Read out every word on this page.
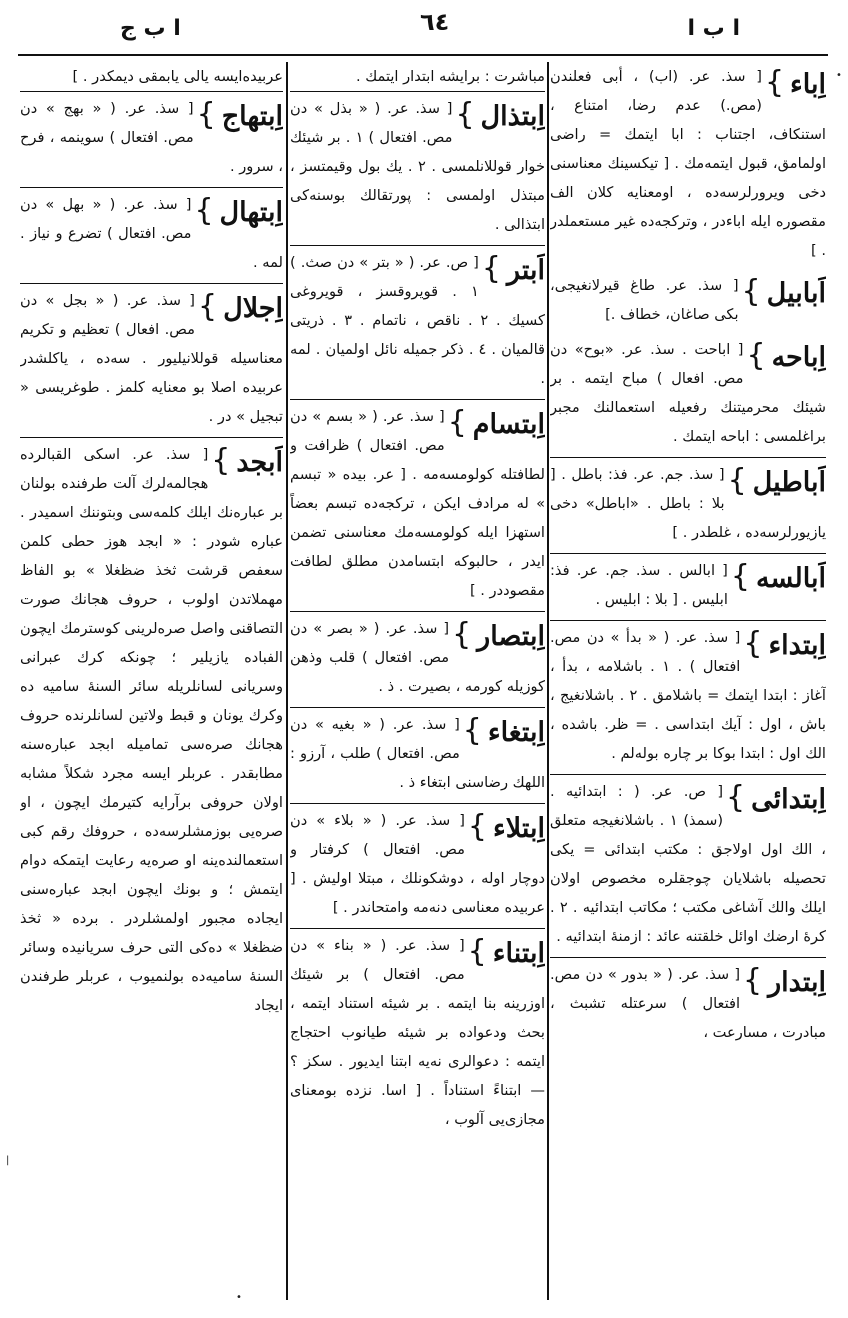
ا ب ج	٦٤	ا ب ا
اِباء
}
[ سذ. عر. (اب) ، أبى فعلندن (مص.) عدم رضا، امتناع ، استنكاف، اجتناب : ابا ايتمك = راضى اولمامق، قبول ايتمه‌مك . [ تيكسينك معناسنى دخى ويرورلرسه‌ده ، اومعنايه كلان الف مقصوره ايله اباءدر ، وتركجه‌ده غير مستعملدر . ]
اَبابيل
}
[ سذ. عر. طاغ قيرلانغيجى، بكى صاغان، خطاف .]
اِباحه
}
[ اباحت . سذ. عر. «بوح» دن مص. افعال ) مباح ايتمه . بر شيئك محرميتنك رفعيله استعمالنك مجبر براغلمسى : اباحه ايتمك .
اَباطيل
}
[ سذ. جم. عر. فذ: باطل . [ بلا : باطل . «اباطل» دخى يازيورلرسه‌ده ، غلطدر . ]
اَبالسه
}
[ ابالس . سذ. جم. عر. فذ: ابليس . [ بلا : ابليس .
اِبتداء
}
[ سذ. عر. ( « بدأ » دن مص. افتعال ) . ١ . باشلامه ، بدأ ، آغاز : ابتدا ايتمك = باشلامق . ٢ . باشلانغيج ، باش ، اول : آيك ابتداسى . = ظر. باشده ، الك اول : ابتدا بوكا بر چاره بوله‌لم .
اِبتدائى
}
[ ص. عر. ( : ابتدائيه . (سمذ) ١ . باشلانغيجه متعلق ، الك اول اولاجق : مكتب ابتدائى = يكى تحصيله باشلايان چوجقلره مخصوص اولان ايلك والك آشاغى مكتب ؛ مكاتب ابتدائيه . ٢ . كرهٔ ارضك اوائل خلقتنه عائد : ازمنهٔ ابتدائيه .
اِبتدار
}
[ سذ. عر. ( « بدور » دن مص. افتعال ) سرعتله تشبث ، مبادرت ، مسارعت ،
مباشرت : برايشه ابتدار ايتمك .
اِبتذال
}
[ سذ. عر. ( « بذل » دن مص. افتعال ) ١ . بر شيئك خوار قوللانلمسى . ٢ . يك بول وقيمتسز ، مبتذل اولمسى : پورتقالك بوسنه‌كى ابتذالى .
اَبتر
}
[ ص. عر. ( « بتر » دن صث. ) ١ . قويروقسز ، قويروغى كسيك . ٢ . ناقص ، ناتمام . ٣ . ذريتى قالميان . ٤ . ذكر جميله نائل اولميان . لمه .
اِبتسام
}
[ سذ. عر. ( « بسم » دن مص. افتعال ) ظرافت و لطافتله كولومسه‌مه . [ عر. بيده « تبسم » له مرادف ايكن ، تركجه‌ده تبسم بعضاً استهزا ايله كولومسه‌مك معناسنى تضمن ايدر ، حالبوكه ابتسامدن مطلق لطافت مقصوددر . ]
اِبتصار
}
[ سذ. عر. ( « بصر » دن مص. افتعال ) قلب وذهن كوزيله كورمه ، بصيرت . ذ .
اِبتغاء
}
[ سذ. عر. ( « بغيه » دن مص. افتعال ) طلب ، آرزو : اللهك رضاسنى ابتغاء ذ .
اِبتلاء
}
[ سذ. عر. ( « بلاء » دن مص. افتعال ) كرفتار و دوچار اوله ، دوشكونلك ، مبتلا اوليش . [ عربيده معناسى دنه‌مه وامتحاندر . ]
اِبتناء
}
[ سذ. عر. ( « بناء » دن مص. افتعال ) بر شيئك اوزرينه بنا ايتمه . بر شيئه استناد ايتمه ، بحث ودعواده بر شيئه طيانوب احتجاج ايتمه : دعوالرى نه‌يه ابتنا ايديور . سكز ؟ — ابتناءً استناداً . [ اسا. نزده بومعناى مجازى‌يى آلوب ،
عربيده‌ايسه يالى يابمقى ديمكدر . ]
اِبتهاج
}
[ سذ. عر. ( « بهج » دن مص. افتعال ) سوينمه ، فرح ، سرور .
اِبتهال
}
[ سذ. عر. ( « بهل » دن مص. افتعال ) تضرع و نياز . لمه .
اِجلال
}
[ سذ. عر. ( « بجل » دن مص. افعال ) تعظيم و تكريم معناسيله قوللانيليور . سه‌ده ، ياكلشدر عربيده اصلا بو معنايه كلمز . طوغريسى « تبجيل » در .
اَبجد
}
[ سذ. عر. اسكى القبالرده هجالمه‌لرك آلت طرفنده بولنان بر عباره‌نك ايلك كلمه‌سى وبتوننك اسميدر . عباره شودر : « ابجد هوز حطى كلمن سعفص قرشت ثخذ ضظغلا » بو الفاظ مهملاتدن اولوب ، حروف هجانك صورت التصاقنى واصل صره‌لرينى كوسترمك ايچون الفباده يازيلير ؛ چونكه كرك عبرانى وسريانى لسانلريله سائر السنهٔ ساميه ده وكرك يونان و قبط ولاتين لسانلرنده حروف هجانك صرەسى تماميله ابجد عبارەسنه مطابقدر . عربلر ايسه مجرد شكلاً مشابه اولان حروفى برآرايه كتيرمك ايچون ، او صره‌يى بوزمشلرسه‌ده ، حروفك رقم كبى استعمالنده‌ينه او صره‌يه رعايت ايتمكه دوام ايتمش ؛ و بونك ايچون ابجد عباره‌سنى ايجاده مجبور اولمشلردر . برده « ثخذ ضظغلا » ده‌كى التى حرف سريانيده وسائر السنهٔ ساميه‌ده بولنميوب ، عربلر طرفندن ايجاد
•
|
•
